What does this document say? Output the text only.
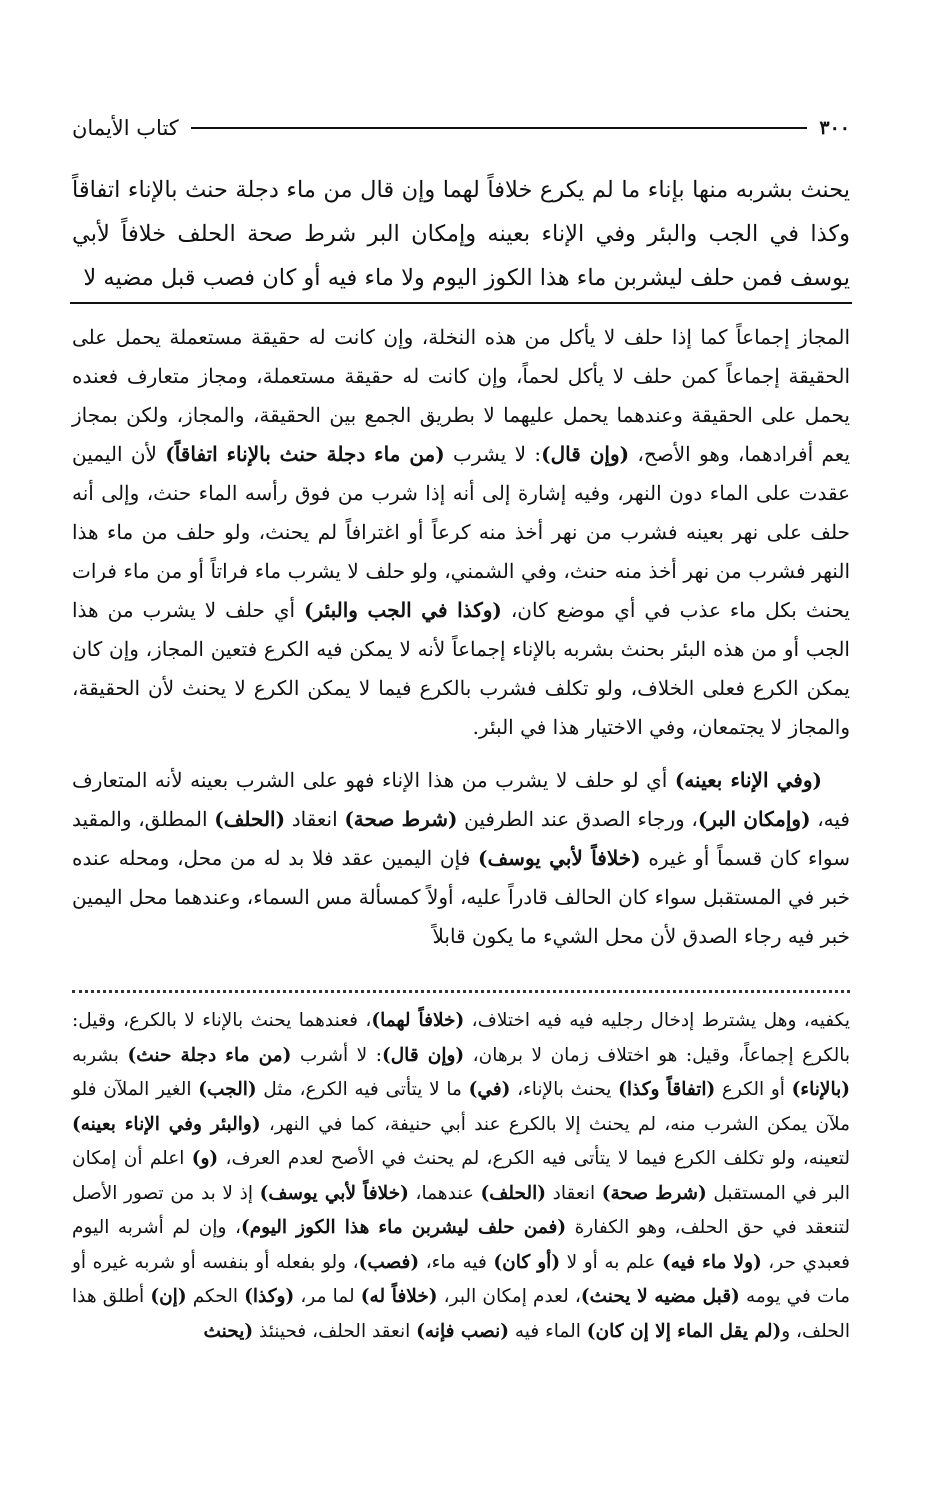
٣٠٠
كتاب الأيمان

يحنث بشربه منها بإناء ما لم يكرع خلافاً لهما وإن قال من ماء دجلة حنث بالإناء اتفاقاً وكذا في الجب والبئر وفي الإناء بعينه وإمكان البر شرط صحة الحلف خلافاً لأبي يوسف فمن حلف ليشربن ماء هذا الكوز اليوم ولا ماء فيه أو كان فصب قبل مضيه لا

المجاز إجماعاً كما إذا حلف لا يأكل من هذه النخلة، وإن كانت له حقيقة مستعملة يحمل على الحقيقة إجماعاً كمن حلف لا يأكل لحماً، وإن كانت له حقيقة مستعملة، ومجاز متعارف فعنده يحمل على الحقيقة وعندهما يحمل عليهما لا بطريق الجمع بين الحقيقة، والمجاز، ولكن بمجاز يعم أفرادهما، وهو الأصح، (وإن قال): لا يشرب (من ماء دجلة حنث بالإناء اتفاقاً) لأن اليمين عقدت على الماء دون النهر، وفيه إشارة إلى أنه إذا شرب من فوق رأسه الماء حنث، وإلى أنه حلف على نهر بعينه فشرب من نهر أخذ منه كرعاً أو اغترافاً لم يحنث، ولو حلف من ماء هذا النهر فشرب من نهر أخذ منه حنث، وفي الشمني، ولو حلف لا يشرب ماء فراتاً أو من ماء فرات يحنث بكل ماء عذب في أي موضع كان، (وكذا في الجب والبئر) أي حلف لا يشرب من هذا الجب أو من هذه البئر بحنث بشربه بالإناء إجماعاً لأنه لا يمكن فيه الكرع فتعين المجاز، وإن كان يمكن الكرع فعلى الخلاف، ولو تكلف فشرب بالكرع فيما لا يمكن الكرع لا يحنث لأن الحقيقة، والمجاز لا يجتمعان، وفي الاختيار هذا في البئر.

(وفي الإناء بعينه) أي لو حلف لا يشرب من هذا الإناء فهو على الشرب بعينه لأنه المتعارف فيه، (وإمكان البر)، ورجاء الصدق عند الطرفين (شرط صحة) انعقاد (الحلف) المطلق، والمقيد سواء كان قسماً أو غيره (خلافاً لأبي يوسف) فإن اليمين عقد فلا بد له من محل، ومحله عنده خبر في المستقبل سواء كان الحالف قادراً عليه، أولاً كمسألة مس السماء، وعندهما محل اليمين خبر فيه رجاء الصدق لأن محل الشيء ما يكون قابلاً

يكفيه، وهل يشترط إدخال رجليه فيه فيه اختلاف، (خلافاً لهما)، فعندهما يحنث بالإناء لا بالكرع، وقيل: بالكرع إجماعاً، وقيل: هو اختلاف زمان لا برهان، (وإن قال): لا أشرب (من ماء دجلة حنث) بشربه (بالإناء) أو الكرع (اتفاقاً وكذا) يحنث بالإناء، (في) ما لا يتأتى فيه الكرع، مثل (الجب) الغير الملآن فلو ملآن يمكن الشرب منه، لم يحنث إلا بالكرع عند أبي حنيفة، كما في النهر، (والبئر وفي الإناء بعينه) لتعينه، ولو تكلف الكرع فيما لا يتأتى فيه الكرع، لم يحنث في الأصح لعدم العرف، (و) اعلم أن إمكان البر في المستقبل (شرط صحة) انعقاد (الحلف) عندهما، (خلافاً لأبي يوسف) إذ لا بد من تصور الأصل لتنعقد في حق الحلف، وهو الكفارة (فمن حلف ليشربن ماء هذا الكوز اليوم)، وإن لم أشربه اليوم فعبدي حر، (ولا ماء فيه) علم به أو لا (أو كان) فيه ماء، (فصب)، ولو بفعله أو بنفسه أو شربه غيره أو مات في يومه (قبل مضيه لا يحنث)، لعدم إمكان البر، (خلافاً له) لما مر، (وكذا) الحكم (إن) أطلق هذا الحلف، و(لم يقل الماء إلا إن كان) الماء فيه (نصب فإنه) انعقد الحلف، فحينئذ (يحنث
